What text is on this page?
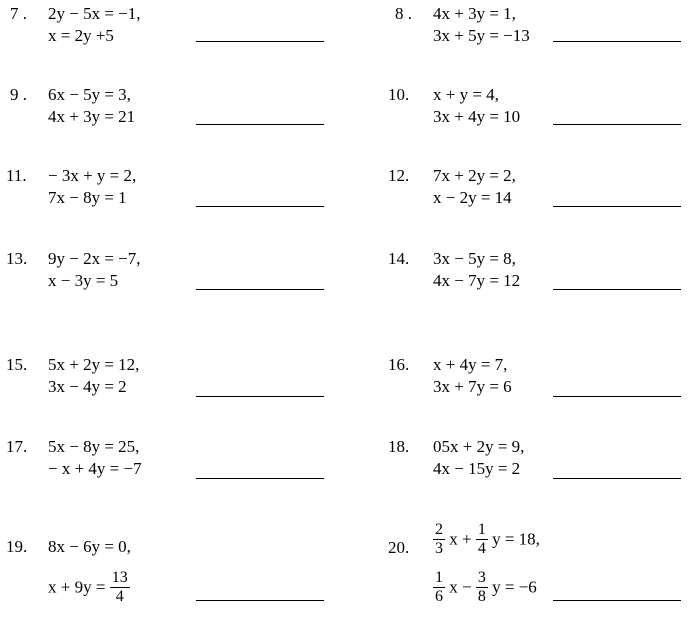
7 . 2y − 5x = −1,
x = 2y +5
8 . 4x + 3y = 1,
3x + 5y = −13
9 . 6x − 5y = 3,
4x + 3y = 21
10. x + y = 4,
3x + 4y = 10
11. − 3x + y = 2,
7x − 8y = 1
12. 7x + 2y = 2,
x − 2y = 14
13. 9y − 2x = −7,
x − 3y = 5
14. 3x − 5y = 8,
4x − 7y = 12
15. 5x + 2y = 12,
3x − 4y = 2
16. x + 4y = 7,
3x + 7y = 6
17. 5x − 8y = 25,
− x + 4y = −7
18. 05x + 2y = 9,
4x − 15y = 2
19. 8x − 6y = 0,
$x + 9y = \frac{13}{4}$
20. $\frac{2}{3}$ $x + \frac{1}{4}$ y = 18,
$\frac{1}{6}$ $x - \frac{3}{8}$ y = −6
